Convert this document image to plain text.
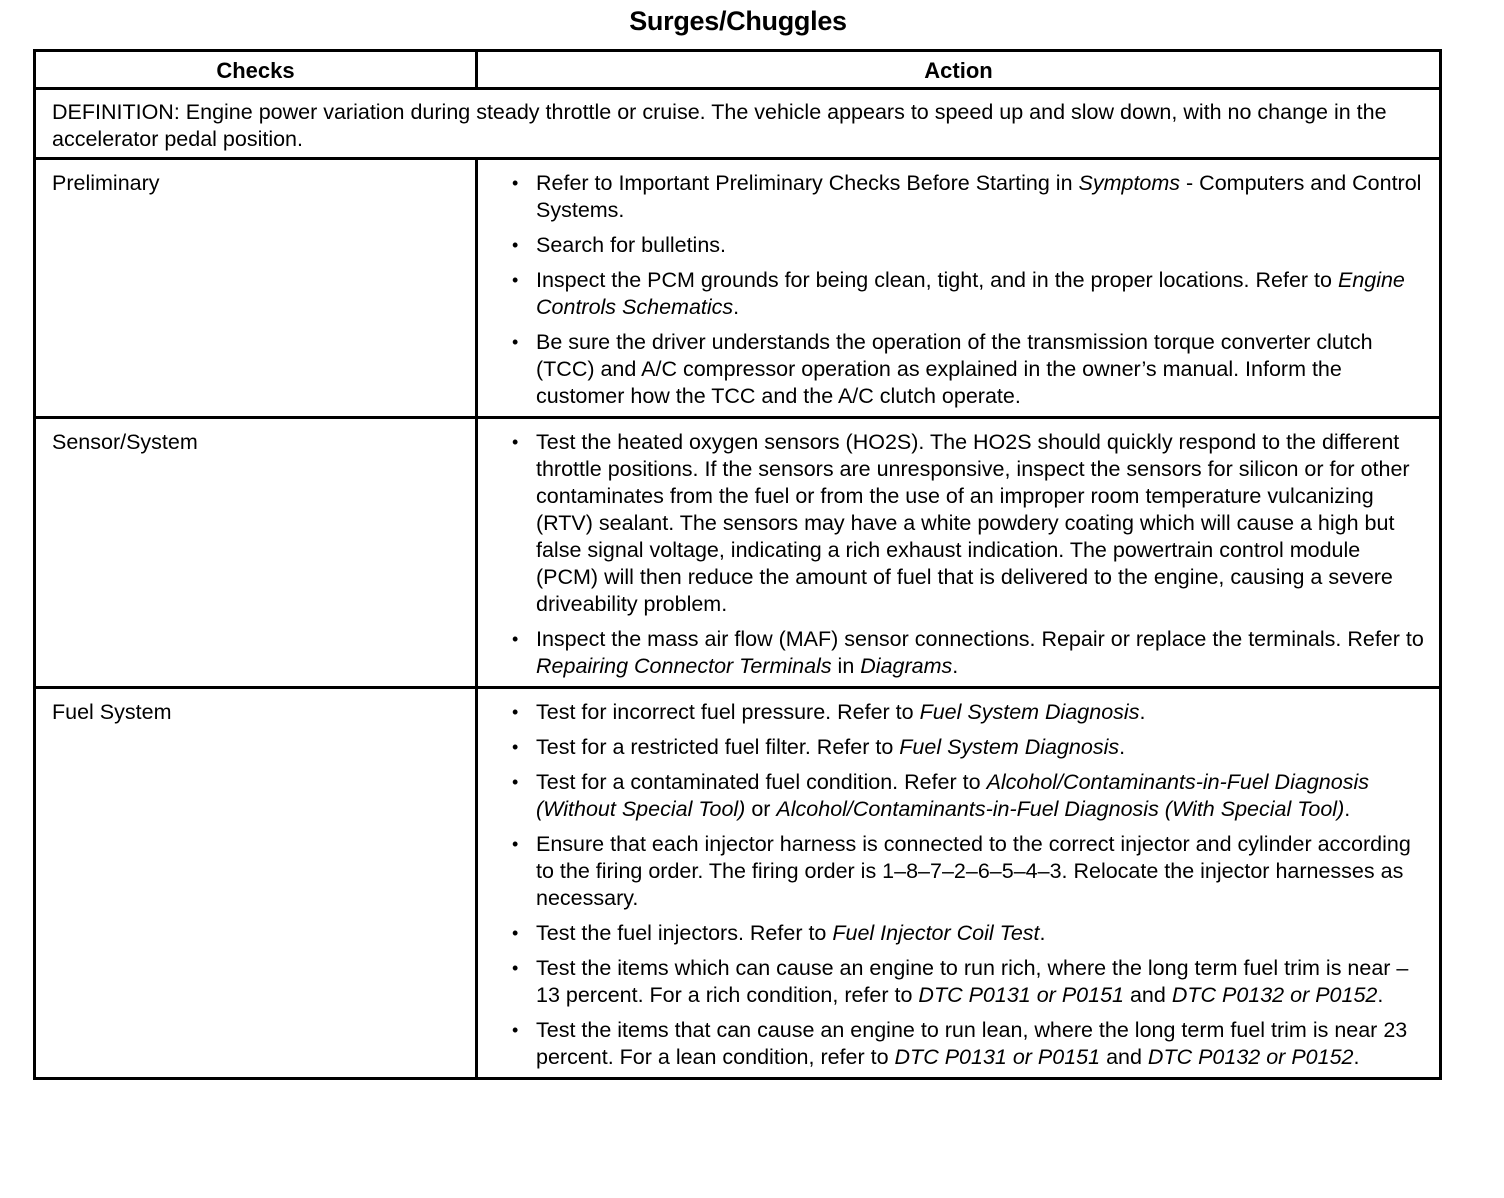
Surges/Chuggles
Checks	Action
DEFINITION: Engine power variation during steady throttle or cruise. The vehicle appears to speed up and slow down, with no change in the accelerator pedal position.	
Preliminary	• Refer to Important Preliminary Checks Before Starting in Symptoms - Computers and Control Systems.
• Search for bulletins.
• Inspect the PCM grounds for being clean, tight, and in the proper locations. Refer to Engine Controls Schematics.
• Be sure the driver understands the operation of the transmission torque converter clutch (TCC) and A/C compressor operation as explained in the owner’s manual. Inform the customer how the TCC and the A/C clutch operate.

Sensor/System	• Test the heated oxygen sensors (HO2S). The HO2S should quickly respond to the different throttle positions. If the sensors are unresponsive, inspect the sensors for silicon or for other contaminates from the fuel or from the use of an improper room temperature vulcanizing (RTV) sealant. The sensors may have a white powdery coating which will cause a high but false signal voltage, indicating a rich exhaust indication. The powertrain control module (PCM) will then reduce the amount of fuel that is delivered to the engine, causing a severe driveability problem.
• Inspect the mass air flow (MAF) sensor connections. Repair or replace the terminals. Refer to Repairing Connector Terminals in Diagrams.

Fuel System	• Test for incorrect fuel pressure. Refer to Fuel System Diagnosis.
• Test for a restricted fuel filter. Refer to Fuel System Diagnosis.
• Test for a contaminated fuel condition. Refer to Alcohol/Contaminants-in-Fuel Diagnosis (Without Special Tool) or Alcohol/Contaminants-in-Fuel Diagnosis (With Special Tool).
• Ensure that each injector harness is connected to the correct injector and cylinder according to the firing order. The firing order is 1–8–7–2–6–5–4–3. Relocate the injector harnesses as necessary.
• Test the fuel injectors. Refer to Fuel Injector Coil Test.
• Test the items which can cause an engine to run rich, where the long term fuel trim is near –13 percent. For a rich condition, refer to DTC P0131 or P0151 and DTC P0132 or P0152.
• Test the items that can cause an engine to run lean, where the long term fuel trim is near 23 percent. For a lean condition, refer to DTC P0131 or P0151 and DTC P0132 or P0152.
